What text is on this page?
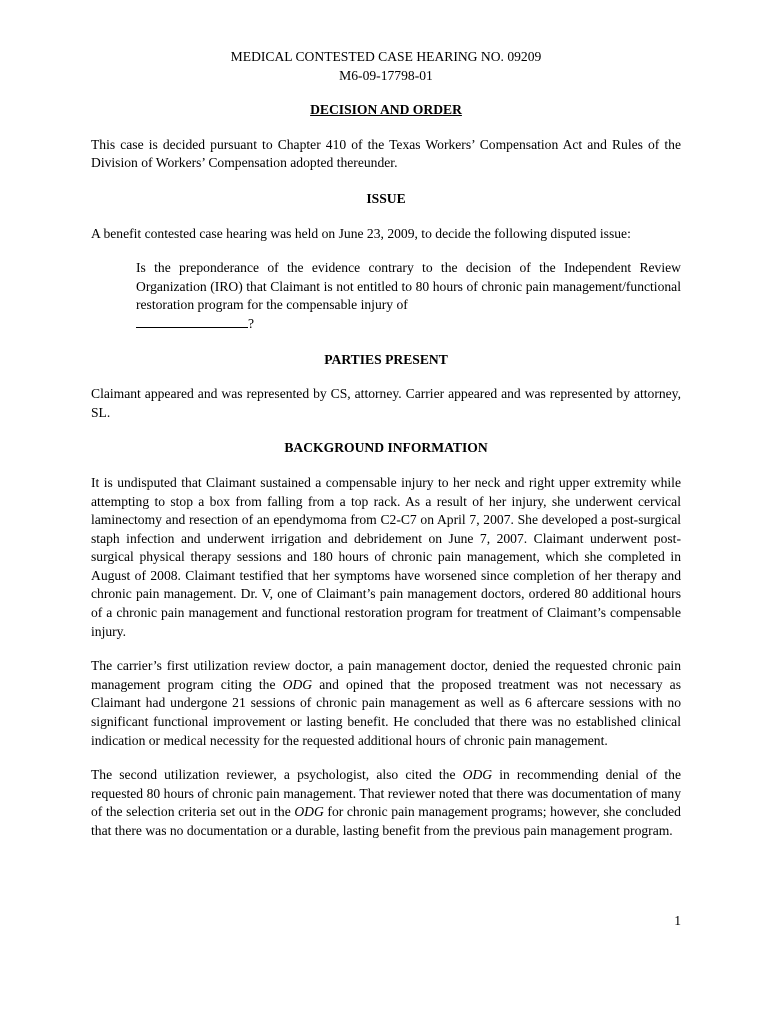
MEDICAL CONTESTED CASE HEARING NO. 09209

M6-09-17798-01

DECISION AND ORDER

This case is decided pursuant to Chapter 410 of the Texas Workers’ Compensation Act and Rules of the Division of Workers’ Compensation adopted thereunder.

ISSUE

A benefit contested case hearing was held on June 23, 2009, to decide the following disputed issue:

Is the preponderance of the evidence contrary to the decision of the Independent Review Organization (IRO) that Claimant is not entitled to 80 hours of chronic pain management/functional restoration program for the compensable injury of
?

PARTIES PRESENT

Claimant appeared and was represented by CS, attorney. Carrier appeared and was represented by attorney, SL.

BACKGROUND INFORMATION

It is undisputed that Claimant sustained a compensable injury to her neck and right upper extremity while attempting to stop a box from falling from a top rack. As a result of her injury, she underwent cervical laminectomy and resection of an ependymoma from C2-C7 on April 7, 2007. She developed a post-surgical staph infection and underwent irrigation and debridement on June 7, 2007. Claimant underwent post-surgical physical therapy sessions and 180 hours of chronic pain management, which she completed in August of 2008. Claimant testified that her symptoms have worsened since completion of her therapy and chronic pain management. Dr. V, one of Claimant’s pain management doctors, ordered 80 additional hours of a chronic pain management and functional restoration program for treatment of Claimant’s compensable injury.

The carrier’s first utilization review doctor, a pain management doctor, denied the requested chronic pain management program citing the ODG and opined that the proposed treatment was not necessary as Claimant had undergone 21 sessions of chronic pain management as well as 6 aftercare sessions with no significant functional improvement or lasting benefit. He concluded that there was no established clinical indication or medical necessity for the requested additional hours of chronic pain management.

The second utilization reviewer, a psychologist, also cited the ODG in recommending denial of the requested 80 hours of chronic pain management. That reviewer noted that there was documentation of many of the selection criteria set out in the ODG for chronic pain management programs; however, she concluded that there was no documentation or a durable, lasting benefit from the previous pain management program.

1
